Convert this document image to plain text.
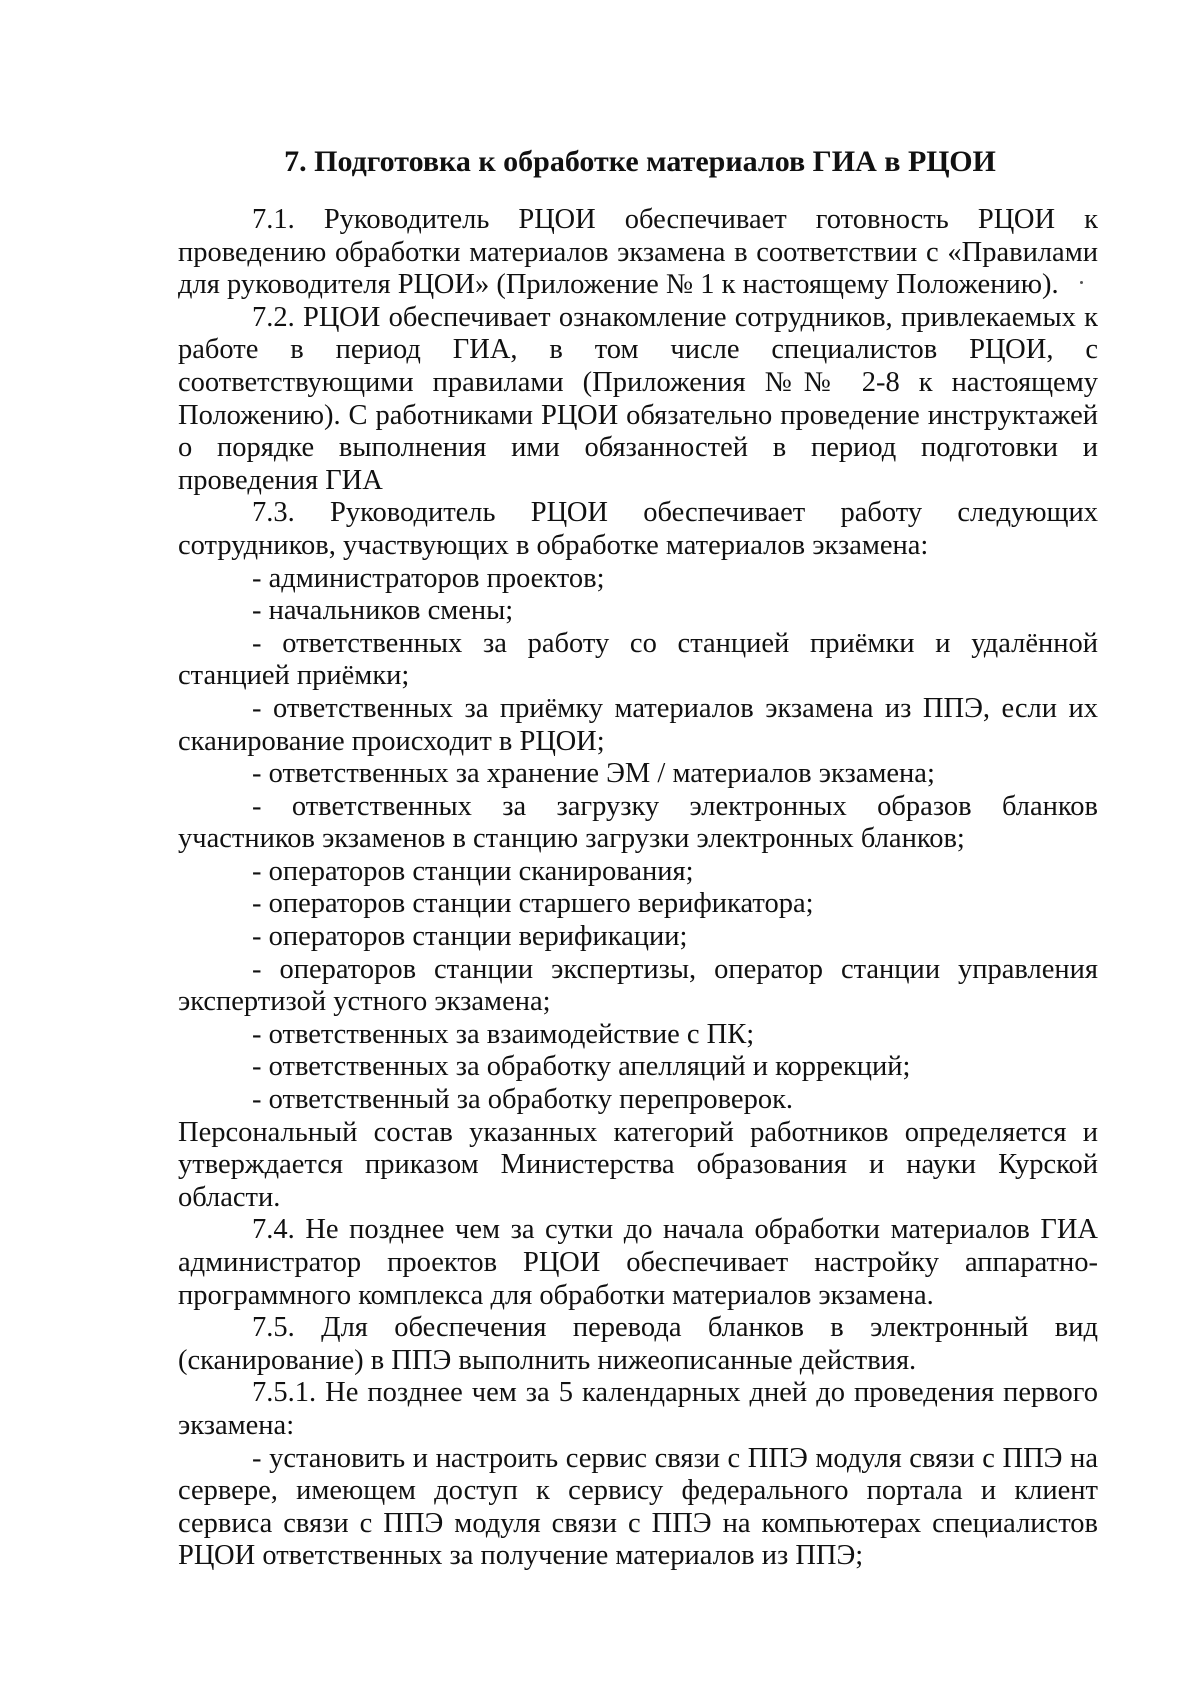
7. Подготовка к обработке материалов ГИА в РЦОИ

7.1. Руководитель РЦОИ обеспечивает готовность РЦОИ к проведению обработки материалов экзамена в соответствии с «Правилами для руководителя РЦОИ» (Приложение № 1 к настоящему Положению).

7.2. РЦОИ обеспечивает ознакомление сотрудников, привлекаемых к работе в период ГИА, в том числе специалистов РЦОИ, с соответствующими правилами (Приложения №№ 2-8 к настоящему Положению). С работниками РЦОИ обязательно проведение инструктажей о порядке выполнения ими обязанностей в период подготовки и проведения ГИА

7.3. Руководитель РЦОИ обеспечивает работу следующих сотрудников, участвующих в обработке материалов экзамена:

- администраторов проектов;

- начальников смены;

- ответственных за работу со станцией приёмки и удалённой станцией приёмки;

- ответственных за приёмку материалов экзамена из ППЭ, если их сканирование происходит в РЦОИ;

- ответственных за хранение ЭМ / материалов экзамена;

- ответственных за загрузку электронных образов бланков участников экзаменов в станцию загрузки электронных бланков;

- операторов станции сканирования;

- операторов станции старшего верификатора;

- операторов станции верификации;

- операторов станции экспертизы, оператор станции управления экспертизой устного экзамена;

- ответственных за взаимодействие с ПК;

- ответственных за обработку апелляций и коррекций;

- ответственный за обработку перепроверок.

Персональный состав указанных категорий работников определяется и утверждается приказом Министерства образования и науки Курской области.

7.4. Не позднее чем за сутки до начала обработки материалов ГИА администратор проектов РЦОИ обеспечивает настройку аппаратно-программного комплекса для обработки материалов экзамена.

7.5. Для обеспечения перевода бланков в электронный вид (сканирование) в ППЭ выполнить нижеописанные действия.

7.5.1. Не позднее чем за 5 календарных дней до проведения первого экзамена:

- установить и настроить сервис связи с ППЭ модуля связи с ППЭ на сервере, имеющем доступ к сервису федерального портала и клиент сервиса связи с ППЭ модуля связи с ППЭ на компьютерах специалистов РЦОИ ответственных за получение материалов из ППЭ;
